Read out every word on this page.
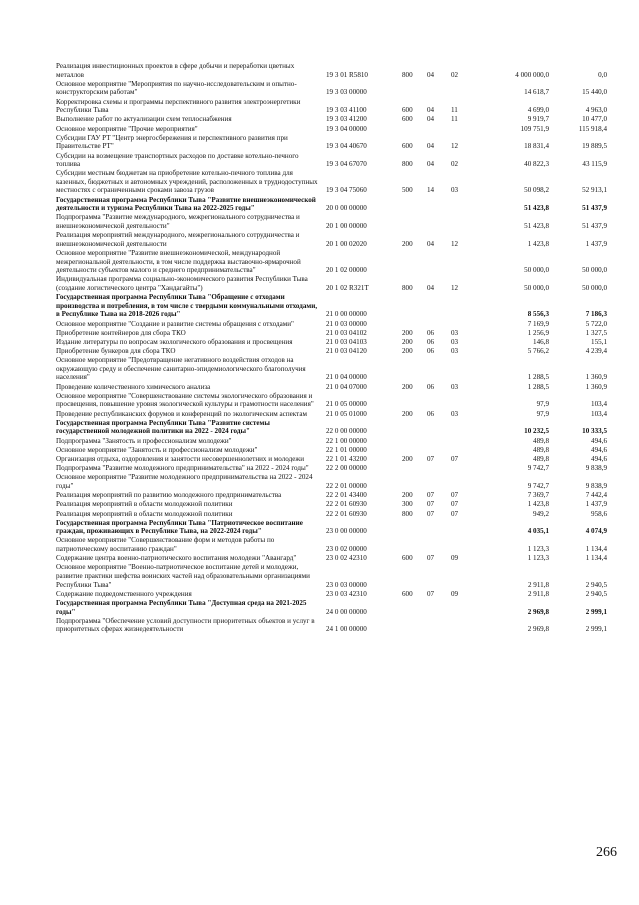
Реализация инвестиционных проектов в сфере добычи и переработки цветных металлов	19 3 01 R5810	800	04	02	4 000 000,0	0,0
Основное мероприятие "Мероприятия по научно-исследовательским и опытно-конструкторским работам"	19 3 03 00000	14 618,7	15 440,0
Корректировка схемы и программы перспективного развития электроэнергетики Республики Тыва	19 3 03 41100	600	04	11	4 699,0	4 963,0
Выполнение работ по актуализации схем теплоснабжения	19 3 03 41200	600	04	11	9 919,7	10 477,0
Основное мероприятие "Прочие мероприятия"	19 3 04 00000	109 751,9	115 918,4
Субсидии ГАУ РТ "Центр энергосбережения и перспективного развития при Правительстве РТ"	19 3 04 40670	600	04	12	18 831,4	19 889,5
Субсидии на возмещение транспортных расходов по доставке котельно-печного топлива	19 3 04 67070	800	04	02	40 822,3	43 115,9
Субсидии местным бюджетам на приобретение котельно-печного топлива для казенных, бюджетных и автономных учреждений, расположенных в труднодоступных местностях с ограниченными сроками завоза грузов	19 3 04 75060	500	14	03	50 098,2	52 913,1
Государственная программа Республики Тыва "Развитие внешнеэкономической деятельности и туризма Республики Тыва на 2022-2025 годы"	20 0 00 00000	51 423,8	51 437,9
Подпрограмма "Развитие международного, межрегионального сотрудничества и внешнеэкономической деятельности"	20 1 00 00000	51 423,8	51 437,9
Реализация мероприятий международного, межрегионального сотрудничества и внешнеэкономической деятельности	20 1 00 02020	200	04	12	1 423,8	1 437,9
Основное мероприятие "Развитие внешнеэкономической, международной межрегиональной деятельности, в том числе поддержка выставочно-ярмарочной деятельности субъектов малого и среднего предпринимательства"	20 1 02 00000	50 000,0	50 000,0
Индивидуальная программа социально-экономического развития Республики Тыва (создание логистического центра "Хандагайты")	20 1 02 R321T	800	04	12	50 000,0	50 000,0
Государственная программа Республики Тыва "Обращение с отходами производства и потребления, в том числе с твердыми коммунальными отходами, в Республике Тыва на 2018-2026 годы"	21 0 00 00000	8 556,3	7 186,3
Основное мероприятие "Создание и развитие системы обращения с отходами"	21 0 03 00000	7 169,9	5 722,0
Приобретение контейнеров для сбора ТКО	21 0 03 04102	200	06	03	1 256,9	1 327,5
Издание литературы по вопросам экологического образования и просвещения	21 0 03 04103	200	06	03	146,8	155,1
Приобретение бункеров для сбора ТКО	21 0 03 04120	200	06	03	5 766,2	4 239,4
Основное мероприятие "Предотвращение негативного воздействия отходов на окружающую среду и обеспечение санитарно-эпидемиологического благополучия населения"	21 0 04 00000	1 288,5	1 360,9
Проведение количественного химического анализа	21 0 04 07000	200	06	03	1 288,5	1 360,9
Основное мероприятие "Совершенствование системы экологического образования и просвещения, повышение уровня экологической культуры и грамотности населения"	21 0 05 00000	97,9	103,4
Проведение республиканских форумов и конференций по экологическим аспектам	21 0 05 01000	200	06	03	97,9	103,4
Государственная программа Республики Тыва "Развитие системы государственной молодежной политики на 2022 - 2024 годы"	22 0 00 00000	10 232,5	10 333,5
Подпрограмма "Занятость и профессионализм молодежи"	22 1 00 00000	489,8	494,6
Основное мероприятие "Занятость и профессионализм молодежи"	22 1 01 00000	489,8	494,6
Организация отдыха, оздоровления и занятости несовершеннолетних и молодежи	22 1 01 43200	200	07	07	489,8	494,6
Подпрограмма "Развитие молодежного предпринимательства" на 2022 - 2024 годы"	22 2 00 00000	9 742,7	9 838,9
Основное мероприятие "Развитие молодежного предпринимательства на 2022 - 2024 годы"	22 2 01 00000	9 742,7	9 838,9
Реализация мероприятий по развитию молодежного предпринимательства	22 2 01 43400	200	07	07	7 369,7	7 442,4
Реализация мероприятий в области молодежной политики	22 2 01 60930	300	07	07	1 423,8	1 437,9
Реализация мероприятий в области молодежной политики	22 2 01 60930	800	07	07	949,2	958,6
Государственная программа Республики Тыва "Патриотическое воспитание граждан, проживающих в Республике Тыва, на 2022-2024 годы"	23 0 00 00000	4 035,1	4 074,9
Основное мероприятие "Совершенствование форм и методов работы по патриотическому воспитанию граждан"	23 0 02 00000	1 123,3	1 134,4
Содержание центра военно-патриотического воспитания молодежи "Авангард"	23 0 02 42310	600	07	09	1 123,3	1 134,4
Основное мероприятие "Военно-патриотическое воспитание детей и молодежи, развитие практики шефства воинских частей над образовательными организациями Республики Тыва"	23 0 03 00000	2 911,8	2 940,5
Содержание подведомственного учреждения	23 0 03 42310	600	07	09	2 911,8	2 940,5
Государственная программа Республики Тыва "Доступная среда на 2021-2025 годы"	24 0 00 00000	2 969,8	2 999,1
Подпрограмма "Обеспечение условий доступности приоритетных объектов и услуг в приоритетных сферах жизнедеятельности	24 1 00 00000	2 969,8	2 999,1
266
